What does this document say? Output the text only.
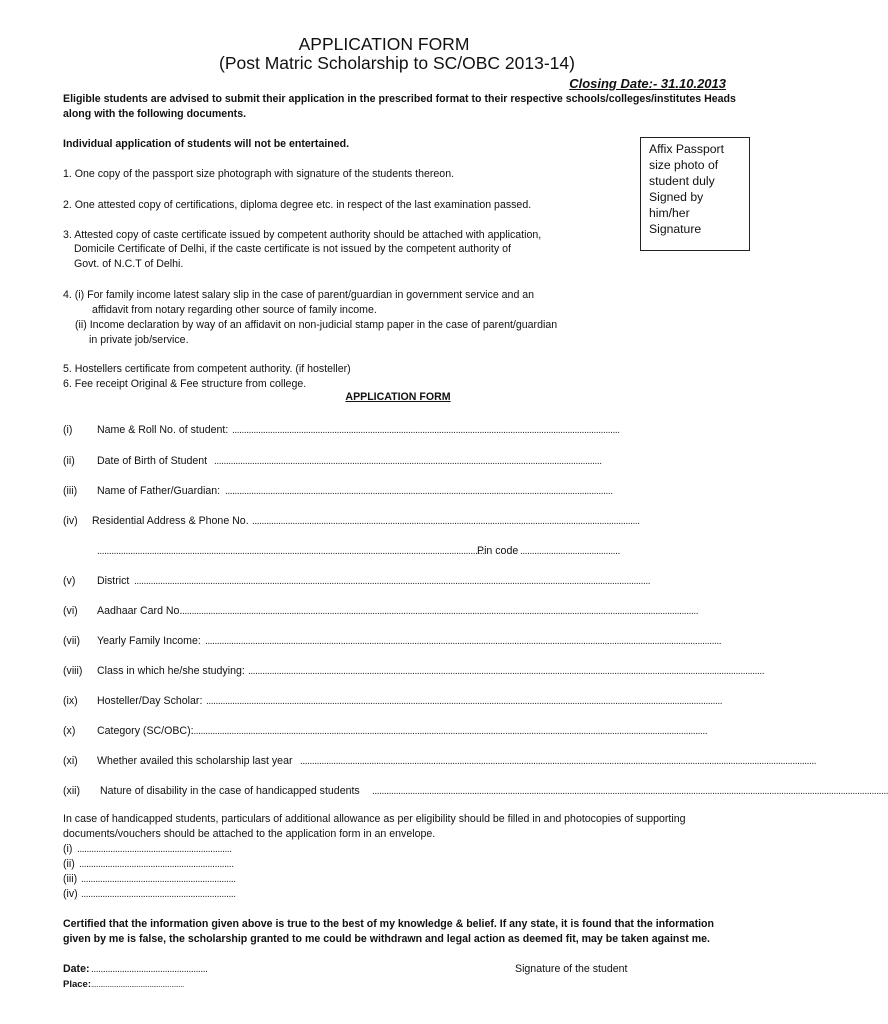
APPLICATION FORM
(Post Matric Scholarship to SC/OBC 2013-14)
Closing Date:- 31.10.2013
Eligible students are advised to submit their application in the prescribed format to their respective schools/colleges/institutes Heads
along with the following documents.
Individual application of students will not be entertained.	Affix Passport
size photo of
student duly
Signed by
him/her
Signature
1. One copy of the passport size photograph with signature of the students thereon.
2. One attested copy of certifications, diploma degree etc. in respect of the last examination passed.
3. Attested copy of caste certificate issued by competent authority should be attached with application,
Domicile Certificate of Delhi, if the caste certificate is not issued by the competent authority of
Govt. of N.C.T of Delhi.
4. (i) For family income latest salary slip in the case of parent/guardian in government service and an
affidavit from notary regarding other source of family income.
(ii) Income declaration by way of an affidavit on non-judicial stamp paper in the case of parent/guardian
in private job/service.
5. Hostellers certificate from competent authority. (if hosteller)
6. Fee receipt Original & Fee structure from college.
APPLICATION FORM
(i) Name & Roll No. of student: ...................................................................................................................................................................
(ii) Date of Birth of Student ...................................................................................................................................................................
(iii) Name of Father/Guardian: ...................................................................................................................................................................
(iv) Residential Address & Phone No. ...................................................................................................................................................................
...................................................................................................................................................................
Pin code ..........................................
(v) District .........................................................................................................................................................................................................................
(vi) Aadhaar Card No. .........................................................................................................................................................................................................................
(vii) Yearly Family Income: .........................................................................................................................................................................................................................
(viii) Class in which he/she studying: .........................................................................................................................................................................................................................
(ix) Hosteller/Day Scholar: .........................................................................................................................................................................................................................
(x) Category (SC/OBC):
.........................................................................................................................................................................................................................
(xi) Whether availed this scholarship last year .........................................................................................................................................................................................................................
(xii) Nature of disability in the case of handicapped students .........................................................................................................................................................................................................................
In case of handicapped students, particulars of additional allowance as per eligibility should be filled in and photocopies of supporting
documents/vouchers should be attached to the application form in an envelope.
(i) .................................................................
(ii) .................................................................
(iii) .................................................................
(iv) .................................................................
Certified that the information given above is true to the best of my knowledge & belief. If any state, it is found that the information
given by me is false, the scholarship granted to me could be withdrawn and legal action as deemed fit, may be taken against me.
Date: .................................................
Place: ...................................................
Signature of the student
